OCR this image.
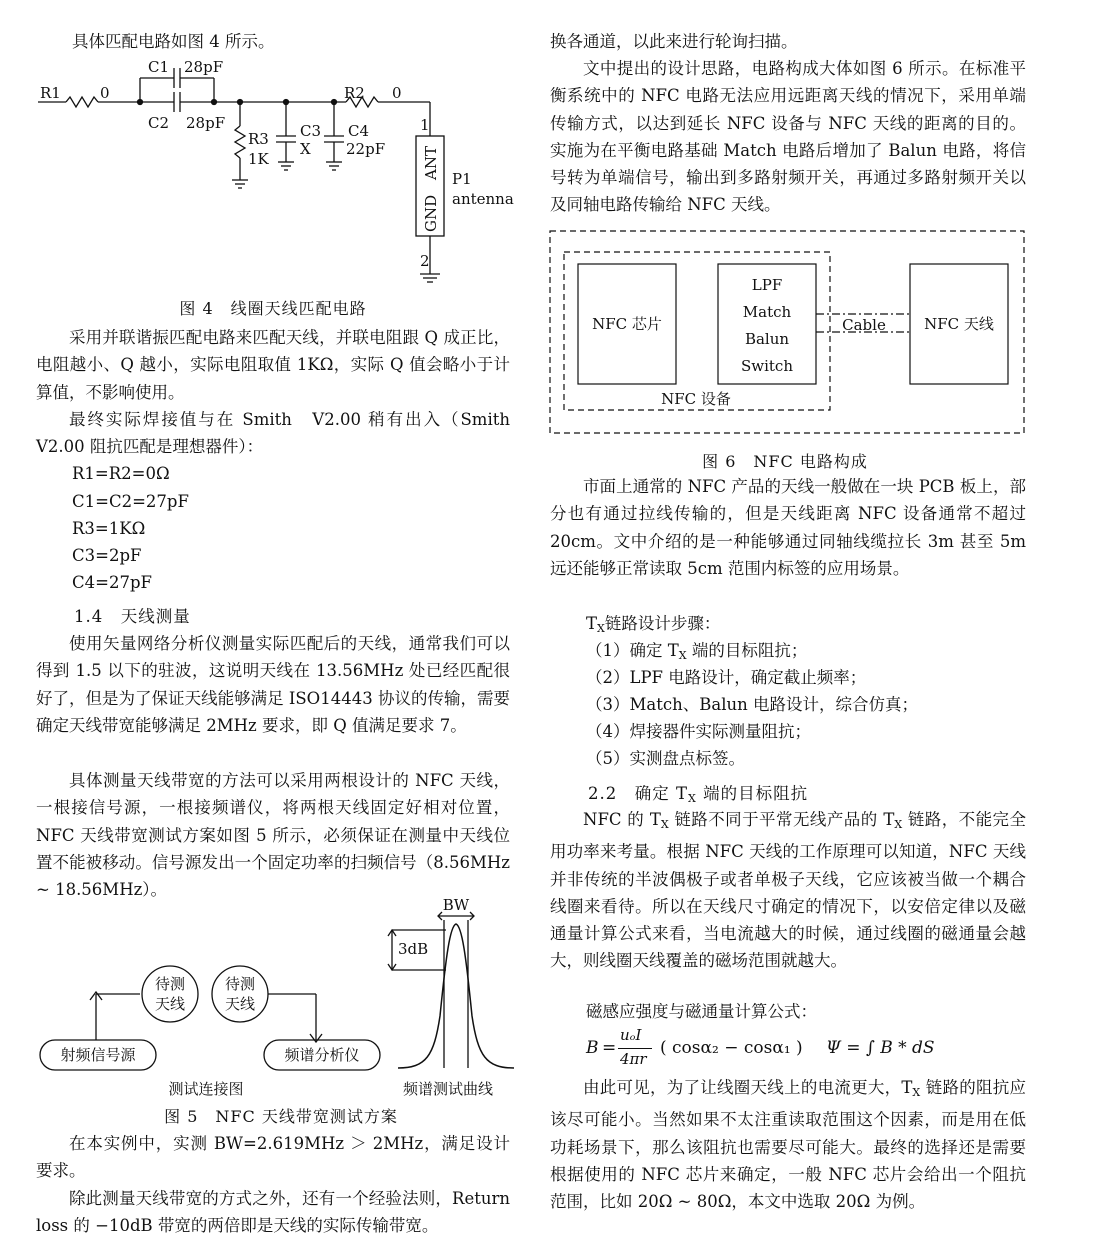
具体匹配电路如图 4 所示。
R1	0
C1 28pF
C2 28pF
R3
1K
C3
X
C4
22pF
R2 0
1
2
ANT
GND
P1
antenna
图 4　线圈天线匹配电路

采用并联谐振匹配电路来匹配天线，并联电阻跟 Q 成正比，电阻越小、Q 越小，实际电阻取值 1KΩ，实际 Q 值会略小于计算值，不影响使用。

最终实际焊接值与在 Smith　V2.00 稍有出入（Smith V2.00 阻抗匹配是理想器件）：

R1=R2=0Ω
C1=C2=27pF
R3=1KΩ
C3=2pF
C4=27pF
1.4　天线测量

使用矢量网络分析仪测量实际匹配后的天线，通常我们可以得到 1.5 以下的驻波，这说明天线在 13.56MHz 处已经匹配很好了，但是为了保证天线能够满足 ISO14443 协议的传输，需要确定天线带宽能够满足 2MHz 要求，即 Q 值满足要求 7。

具体测量天线带宽的方法可以采用两根设计的 NFC 天线，一根接信号源，一根接频谱仪，将两根天线固定好相对位置，NFC 天线带宽测试方案如图 5 所示，必须保证在测量中天线位置不能被移动。信号源发出一个固定功率的扫频信号（8.56MHz ~ 18.56MHz）。

待测
天线
待测
天线
射频信号源	频谱分析仪
BW
3dB
测试连接图	频谱测试曲线
图 5　NFC 天线带宽测试方案

在本实例中，实测 BW=2.619MHz ＞ 2MHz，满足设计要求。

除此测量天线带宽的方式之外，还有一个经验法则，Return loss 的 −10dB 带宽的两倍即是天线的实际传输带宽。

换各通道，以此来进行轮询扫描。

文中提出的设计思路，电路构成大体如图 6 所示。在标准平衡系统中的 NFC 电路无法应用远距离天线的情况下，采用单端传输方式，以达到延长 NFC 设备与 NFC 天线的距离的目的。实施为在平衡电路基础 Match 电路后增加了 Balun 电路，将信号转为单端信号，输出到多路射频开关，再通过多路射频开关以及同轴电路传输给 NFC 天线。

NFC 芯片
LPF
Match
Balun
Switch
Cable	NFC 天线
NFC 设备
图 6　NFC 电路构成

市面上通常的 NFC 产品的天线一般做在一块 PCB 板上，部分也有通过拉线传输的，但是天线距离 NFC 设备通常不超过 20cm。文中介绍的是一种能够通过同轴线缆拉长 3m 甚至 5m 远还能够正常读取 5cm 范围内标签的应用场景。

$T_X$链路设计步骤：
（1）确定 $T_X$ 端的目标阻抗；
（2）LPF 电路设计，确定截止频率；
（3）Match、Balun 电路设计，综合仿真；
（4）焊接器件实际测量阻抗；
（5）实测盘点标签。
2.2　确定 $T_X$ 端的目标阻抗

NFC 的 $T_X$ 链路不同于平常无线产品的 $T_X$ 链路，不能完全用功率来考量。根据 NFC 天线的工作原理可以知道，NFC 天线并非传统的半波偶极子或者单极子天线，它应该被当做一个耦合线圈来看待。所以在天线尺寸确定的情况下，以安倍定律以及磁通量计算公式来看，当电流越大的时候，通过线圈的磁通量会越大，则线圈天线覆盖的磁场范围就越大。

磁感应强度与磁通量计算公式：
B =
uₒI
4πr
( cosα₂ − cosα₁ ) Ψ = ∫ B * dS

由此可见，为了让线圈天线上的电流更大，$T_X$ 链路的阻抗应该尽可能小。当然如果不太注重读取范围这个因素，而是用在低功耗场景下，那么该阻抗也需要尽可能大。最终的选择还是需要根据使用的 NFC 芯片来确定，一般 NFC 芯片会给出一个阻抗范围，比如 20Ω ~ 80Ω，本文中选取 20Ω 为例。
